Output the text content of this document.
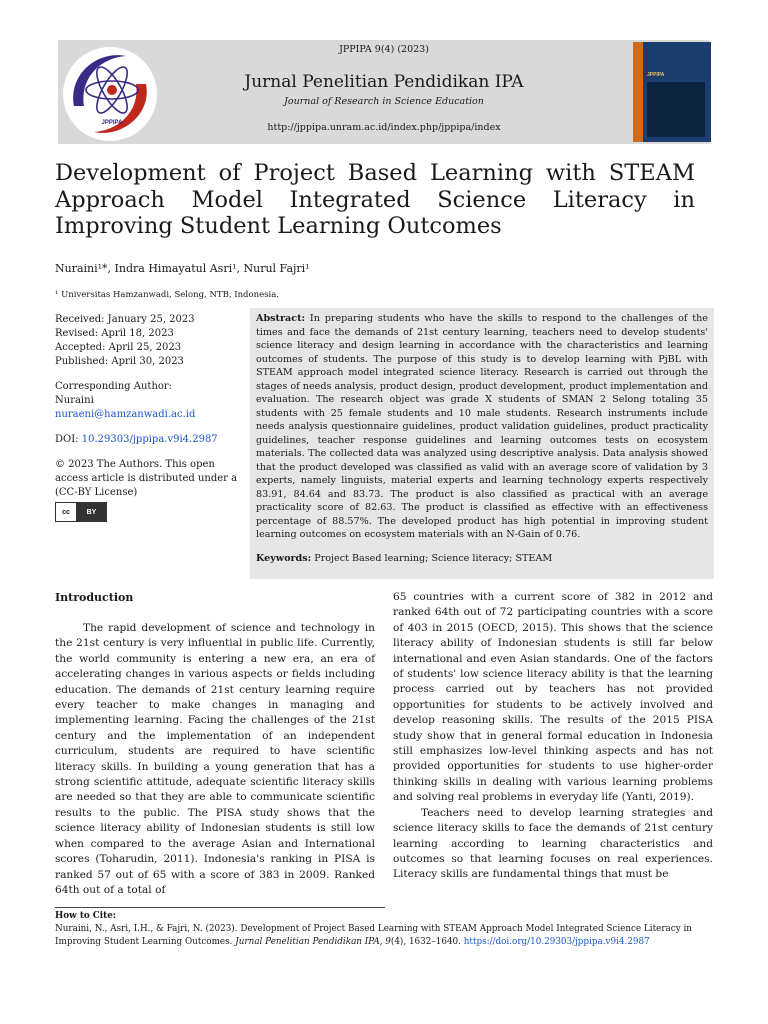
JPPIPA
JPPIPA
JPPIPA 9(4) (2023)
Jurnal Penelitian Pendidikan IPA
Journal of Research in Science Education
http://jppipa.unram.ac.id/index.php/jppipa/index
Development of Project Based Learning with STEAM Approach Model Integrated Science Literacy in Improving Student Learning Outcomes
Nuraini¹*, Indra Himayatul Asri¹, Nurul Fajri¹
¹ Universitas Hamzanwadi, Selong, NTB, Indonesia.

Received: January 25, 2023

Revised: April 18, 2023

Accepted: April 25, 2023

Published: April 30, 2023

Corresponding Author:

Nuraini

nuraeni@hamzanwadi.ac.id

DOI: 10.29303/jppipa.v9i4.2987

© 2023 The Authors. This open access article is distributed under a (CC-BY License)

cc	BY
Abstract: In preparing students who have the skills to respond to the challenges of the times and face the demands of 21st century learning, teachers need to develop students' science literacy and design learning in accordance with the characteristics and learning outcomes of students. The purpose of this study is to develop learning with PjBL with STEAM approach model integrated science literacy. Research is carried out through the stages of needs analysis, product design, product development, product implementation and evaluation. The research object was grade X students of SMAN 2 Selong totaling 35 students with 25 female students and 10 male students. Research instruments include needs analysis questionnaire guidelines, product validation guidelines, product practicality guidelines, teacher response guidelines and learning outcomes tests on ecosystem materials. The collected data was analyzed using descriptive analysis. Data analysis showed that the product developed was classified as valid with an average score of validation by 3 experts, namely linguists, material experts and learning technology experts respectively 83.91, 84.64 and 83.73. The product is also classified as practical with an average practicality score of 82.63. The product is classified as effective with an effectiveness percentage of 88.57%. The developed product has high potential in improving student learning outcomes on ecosystem materials with an N-Gain of 0.76.
Keywords: Project Based learning; Science literacy; STEAM
Introduction

The rapid development of science and technology in the 21st century is very influential in public life. Currently, the world community is entering a new era, an era of accelerating changes in various aspects or fields including education. The demands of 21st century learning require every teacher to make changes in managing and implementing learning. Facing the challenges of the 21st century and the implementation of an independent curriculum, students are required to have scientific literacy skills. In building a young generation that has a strong scientific attitude, adequate scientific literacy skills are needed so that they are able to communicate scientific results to the public. The PISA study shows that the science literacy ability of Indonesian students is still low when compared to the average Asian and International scores (Toharudin, 2011). Indonesia's ranking in PISA is ranked 57 out of 65 with a score of 383 in 2009. Ranked 64th out of a total of

65 countries with a current score of 382 in 2012 and ranked 64th out of 72 participating countries with a score of 403 in 2015 (OECD, 2015). This shows that the science literacy ability of Indonesian students is still far below international and even Asian standards. One of the factors of students' low science literacy ability is that the learning process carried out by teachers has not provided opportunities for students to be actively involved and develop reasoning skills. The results of the 2015 PISA study show that in general formal education in Indonesia still emphasizes low-level thinking aspects and has not provided opportunities for students to use higher-order thinking skills in dealing with various learning problems and solving real problems in everyday life (Yanti, 2019).

Teachers need to develop learning strategies and science literacy skills to face the demands of 21st century learning according to learning characteristics and outcomes so that learning focuses on real experiences. Literacy skills are fundamental things that must be

How to Cite:
Nuraini, N., Asri, I.H., & Fajri, N. (2023). Development of Project Based Learning with STEAM Approach Model Integrated Science Literacy in Improving Student Learning Outcomes. Jurnal Penelitian Pendidikan IPA, 9(4), 1632–1640. https://doi.org/10.29303/jppipa.v9i4.2987
